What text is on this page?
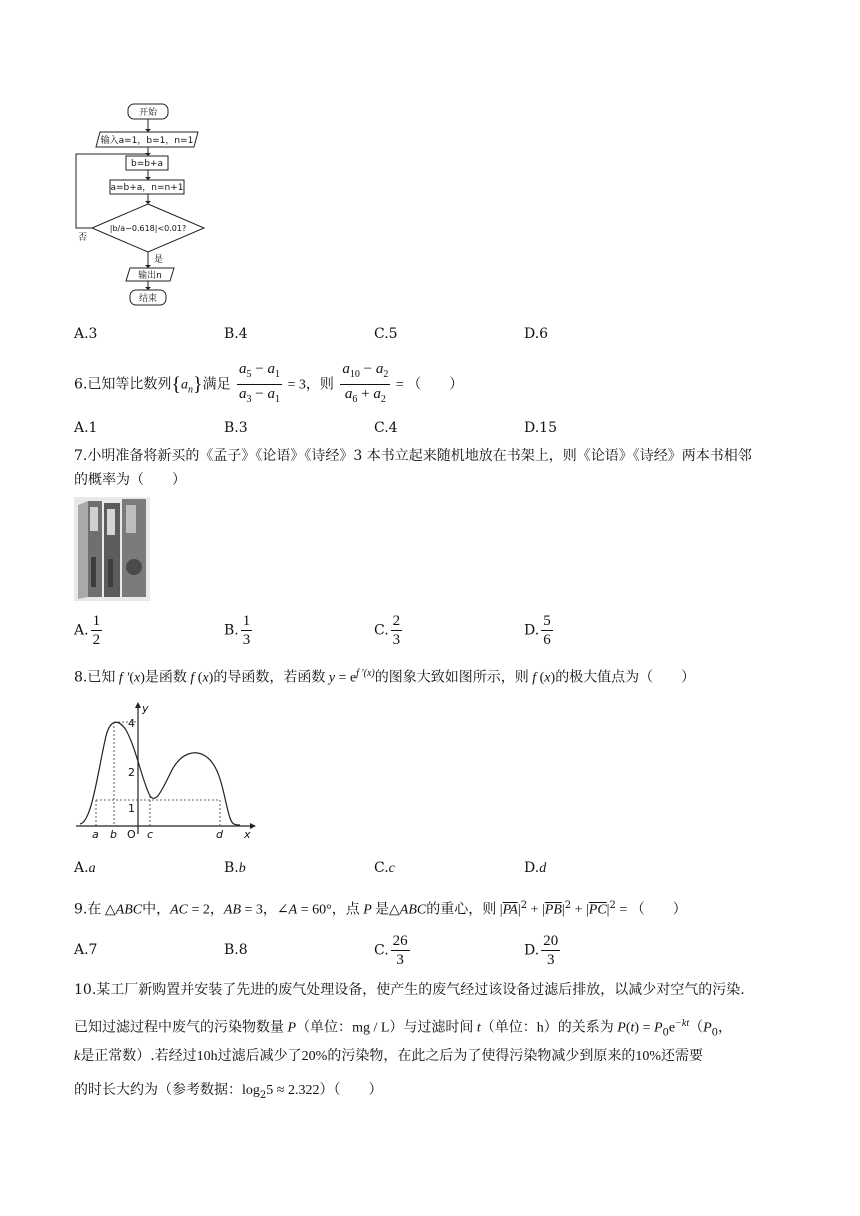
开始
输入a=1，b=1，n=1
b=b+a
a=b+a，n=n+1
|b/a−0.618|<0.01?
否
是
输出n
结束
A.3	B.4	C.5	D.6
6.已知等比数列$\{a_n\}$满足 $\frac{a_5 - a_1}{a_3 - a_1} = 3$，则 $\frac{a_{10} - a_2}{a_6 + a_2}$ = （　　）
A.1	B.3	C.4	D.15
7.小明准备将新买的《孟子》《论语》《诗经》3 本书立起来随机地放在书架上，则《论语》《诗经》两本书相邻
的概率为（　　）
A. $\frac{1}{2}$	B. $\frac{1}{3}$	C. $\frac{2}{3}$	D. $\frac{5}{6}$
8.已知 f ′(x)是函数 f (x)的导函数，若函数 $y = e^{f '(x)}$的图象大致如图所示，则 f (x)的极大值点为（　　）
y
x
4
2
1
a b O c	d
A.a	B.b	C.c	D.d
9.在 △ABC中，AC = 2，AB = 3，∠A = 60°，点 P 是△ABC的重心，则 $|\overline{PA}|^2 + |\overline{PB}|^2 + |\overline{PC}|^2$ = （　　）
A.7	B.8	C. $\frac{26}{3}$	D. $\frac{20}{3}$
10.某工厂新购置并安装了先进的废气处理设备，使产生的废气经过该设备过滤后排放，以减少对空气的污染.
已知过滤过程中废气的污染物数量 P（单位：mg / L）与过滤时间 t（单位：h）的关系为 $P(t) = P_0e^{-kt}(P_0$，
k是正常数）.若经过10h过滤后减少了20%的污染物，在此之后为了使得污染物减少到原来的10%还需要
的时长大约为（参考数据：$\log_25 \approx 2.322$）（　　）
